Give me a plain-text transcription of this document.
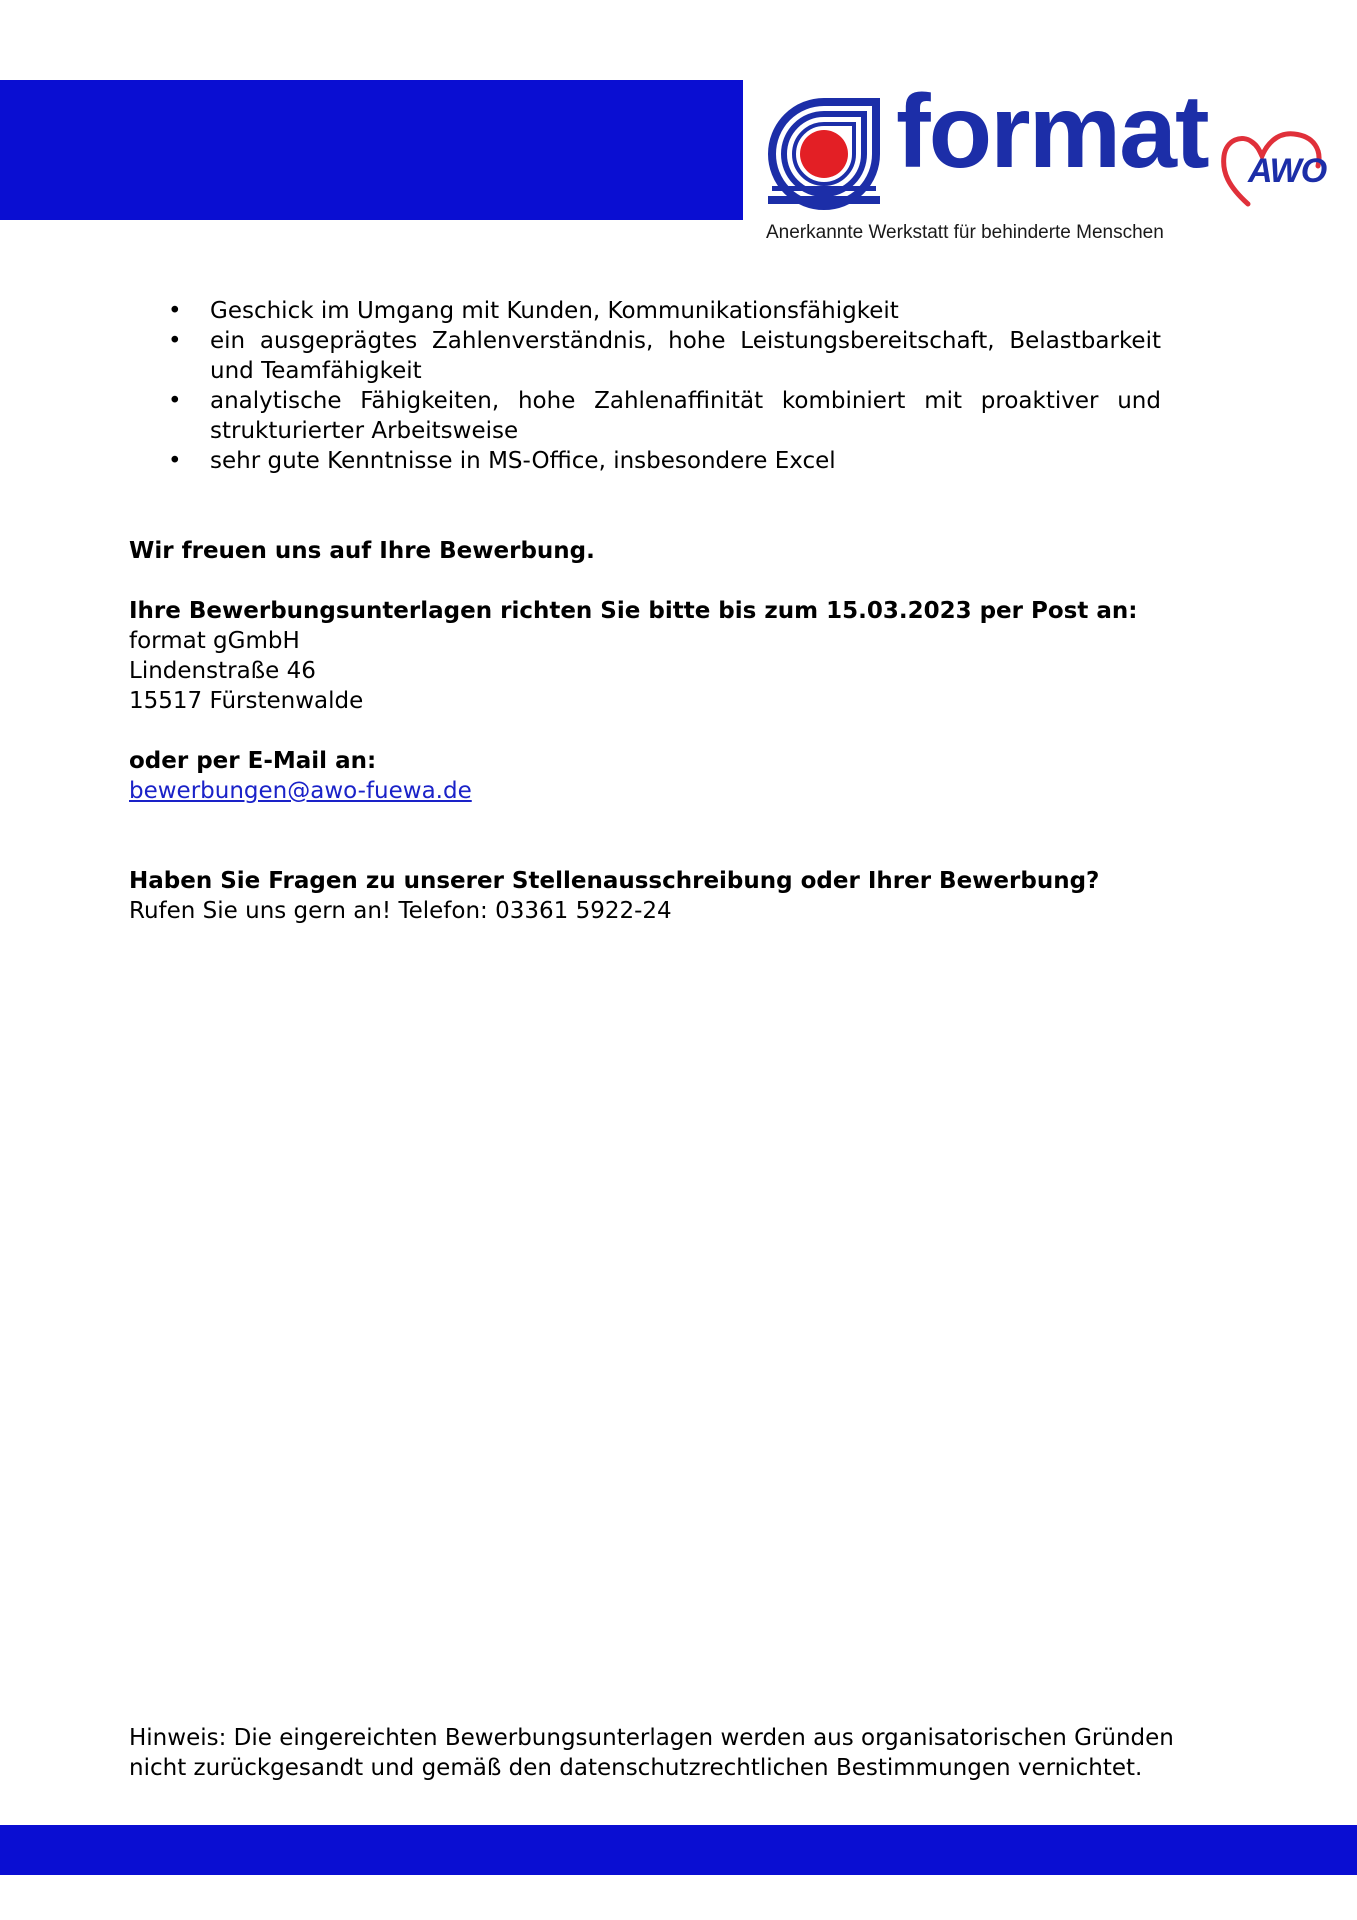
format AWO
Anerkannte Werkstatt für behinderte Menschen
• Geschick im Umgang mit Kunden, Kommunikationsfähigkeit
• ein ausgeprägtes Zahlenverständnis, hohe Leistungsbereitschaft, Belastbarkeit und Teamfähigkeit
• analytische Fähigkeiten, hohe Zahlenaffinität kombiniert mit proaktiver und strukturierter Arbeitsweise
• sehr gute Kenntnisse in MS-Office, insbesondere Excel
Wir freuen uns auf Ihre Bewerbung.
Ihre Bewerbungsunterlagen richten Sie bitte bis zum 15.03.2023 per Post an:
format gGmbH
Lindenstraße 46
15517 Fürstenwalde
oder per E-Mail an:
bewerbungen@awo-fuewa.de
Haben Sie Fragen zu unserer Stellenausschreibung oder Ihrer Bewerbung?
Rufen Sie uns gern an! Telefon: 03361 5922-24
Hinweis: Die eingereichten Bewerbungsunterlagen werden aus organisatorischen Gründen
nicht zurückgesandt und gemäß den datenschutzrechtlichen Bestimmungen vernichtet.
